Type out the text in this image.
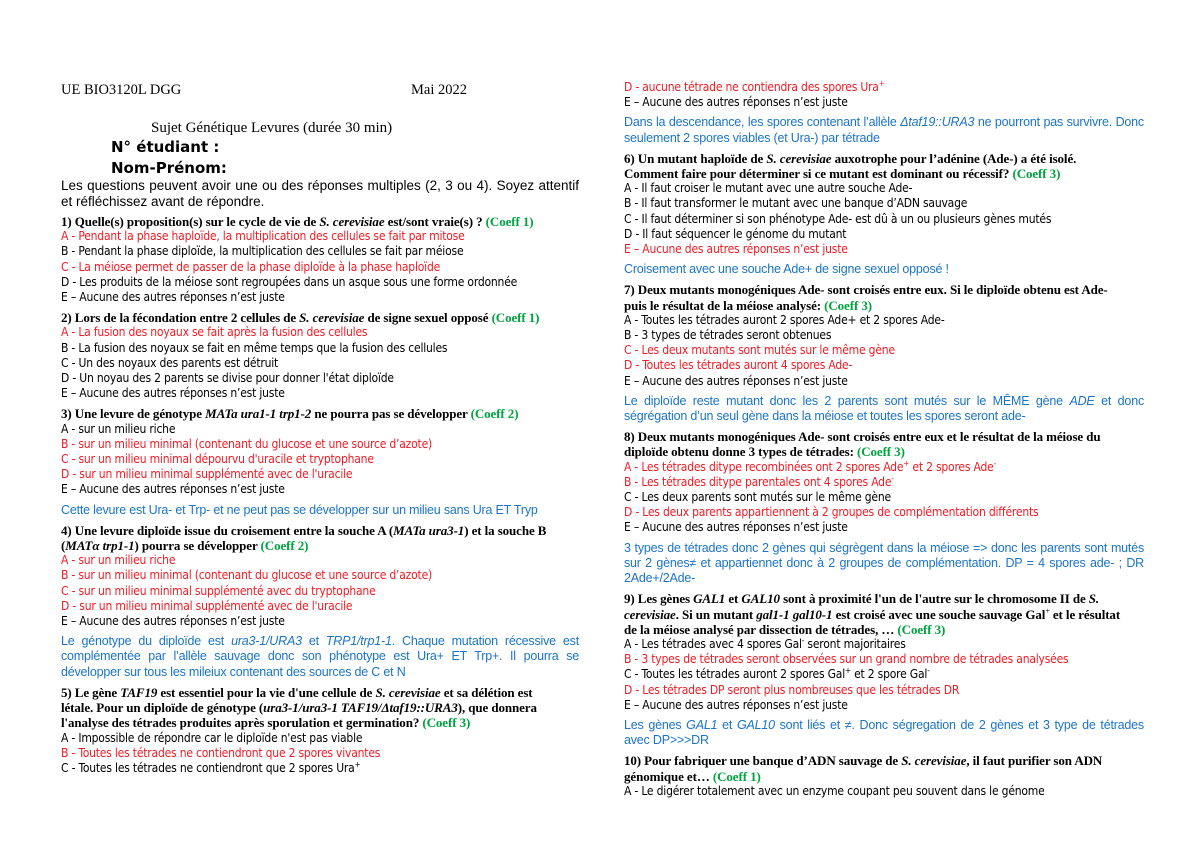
UE BIO3120L DGG	Mai 2022
Sujet Génétique Levures (durée 30 min)
N° étudiant :
Nom-Prénom:
Les questions peuvent avoir une ou des réponses multiples (2, 3 ou 4). Soyez attentif et réfléchissez avant de répondre.
1) Quelle(s) proposition(s) sur le cycle de vie de S. cerevisiae est/sont vraie(s) ? (Coeff 1)
A - Pendant la phase haploïde, la multiplication des cellules se fait par mitose
B - Pendant la phase diploïde, la multiplication des cellules se fait par méiose
C - La méiose permet de passer de la phase diploïde à la phase haploïde
D - Les produits de la méiose sont regroupées dans un asque sous une forme ordonnée
E – Aucune des autres réponses n’est juste
2) Lors de la fécondation entre 2 cellules de S. cerevisiae de signe sexuel opposé (Coeff 1)
A - La fusion des noyaux se fait après la fusion des cellules
B - La fusion des noyaux se fait en même temps que la fusion des cellules
C - Un des noyaux des parents est détruit
D - Un noyau des 2 parents se divise pour donner l'état diploïde
E – Aucune des autres réponses n’est juste
3) Une levure de génotype MATa ura1-1 trp1-2 ne pourra pas se développer (Coeff 2)
A - sur un milieu riche
B - sur un milieu minimal (contenant du glucose et une source d’azote)
C - sur un milieu minimal dépourvu d'uracile et tryptophane
D - sur un milieu minimal supplémenté avec de l'uracile
E – Aucune des autres réponses n’est juste
Cette levure est Ura- et Trp- et ne peut pas se développer sur un milieu sans Ura ET Tryp
4) Une levure diploïde issue du croisement entre la souche A (MATa ura3-1) et la souche B
(MATα trp1-1) pourra se développer (Coeff 2)
A - sur un milieu riche
B - sur un milieu minimal (contenant du glucose et une source d’azote)
C - sur un milieu minimal supplémenté avec du tryptophane
D - sur un milieu minimal supplémenté avec de l'uracile
E – Aucune des autres réponses n’est juste
Le génotype du diploïde est ura3-1/URA3 et TRP1/trp1-1. Chaque mutation récessive est complémentée par l’allèle sauvage donc son phénotype est Ura+ ET Trp+. Il pourra se développer sur tous les mileiux contenant des sources de C et N
5) Le gène TAF19 est essentiel pour la vie d'une cellule de S. cerevisiae et sa délétion est
létale. Pour un diploïde de génotype (ura3-1/ura3-1 TAF19/Δtaf19::URA3), que donnera
l'analyse des tétrades produites après sporulation et germination? (Coeff 3)
A - Impossible de répondre car le diploïde n'est pas viable
B - Toutes les tétrades ne contiendront que 2 spores vivantes
C - Toutes les tétrades ne contiendront que 2 spores Ura+
D - aucune tétrade ne contiendra des spores Ura+
E – Aucune des autres réponses n’est juste
Dans la descendance, les spores contenant l’allèle Δtaf19::URA3 ne pourront pas survivre. Donc seulement 2 spores viables (et Ura-) par tétrade
6) Un mutant haploïde de S. cerevisiae auxotrophe pour l’adénine (Ade-) a été isolé.
Comment faire pour déterminer si ce mutant est dominant ou récessif? (Coeff 3)
A - Il faut croiser le mutant avec une autre souche Ade-
B - Il faut transformer le mutant avec une banque d’ADN sauvage
C - Il faut déterminer si son phénotype Ade- est dû à un ou plusieurs gènes mutés
D - Il faut séquencer le génome du mutant
E – Aucune des autres réponses n’est juste
Croisement avec une souche Ade+ de signe sexuel opposé !
7) Deux mutants monogéniques Ade- sont croisés entre eux. Si le diploïde obtenu est Ade-
puis le résultat de la méiose analysé: (Coeff 3)
A - Toutes les tétrades auront 2 spores Ade+ et 2 spores Ade-
B - 3 types de tétrades seront obtenues
C - Les deux mutants sont mutés sur le même gène
D - Toutes les tétrades auront 4 spores Ade-
E – Aucune des autres réponses n’est juste
Le diploïde reste mutant donc les 2 parents sont mutés sur le MÊME gène ADE et donc ségrégation d’un seul gène dans la méiose et toutes les spores seront ade-
8) Deux mutants monogéniques Ade- sont croisés entre eux et le résultat de la méiose du
diploïde obtenu donne 3 types de tétrades: (Coeff 3)
A - Les tétrades ditype recombinées ont 2 spores Ade+ et 2 spores Ade-
B - Les tétrades ditype parentales ont 4 spores Ade-
C - Les deux parents sont mutés sur le même gène
D - Les deux parents appartiennent à 2 groupes de complémentation différents
E – Aucune des autres réponses n’est juste
3 types de tétrades donc 2 gènes qui ségrègent dans la méiose => donc les parents sont mutés sur 2 gènes≠ et appartiennet donc à 2 groupes de complémentation. DP = 4 spores ade- ; DR 2Ade+/2Ade-
9) Les gènes GAL1 et GAL10 sont à proximité l'un de l'autre sur le chromosome II de S.
cerevisiae. Si un mutant gal1-1 gal10-1 est croisé avec une souche sauvage Gal+ et le résultat
de la méiose analysé par dissection de tétrades, … (Coeff 3)
A - Les tétrades avec 4 spores Gal- seront majoritaires
B - 3 types de tétrades seront observées sur un grand nombre de tétrades analysées
C - Toutes les tétrades auront 2 spores Gal+ et 2 spore Gal-
D - Les tétrades DP seront plus nombreuses que les tétrades DR
E – Aucune des autres réponses n’est juste
Les gènes GAL1 et GAL10 sont liés et ≠. Donc ségregation de 2 gènes et 3 type de tétrades avec DP>>>DR
10) Pour fabriquer une banque d’ADN sauvage de S. cerevisiae, il faut purifier son ADN
génomique et… (Coeff 1)
A - Le digérer totalement avec un enzyme coupant peu souvent dans le génome
